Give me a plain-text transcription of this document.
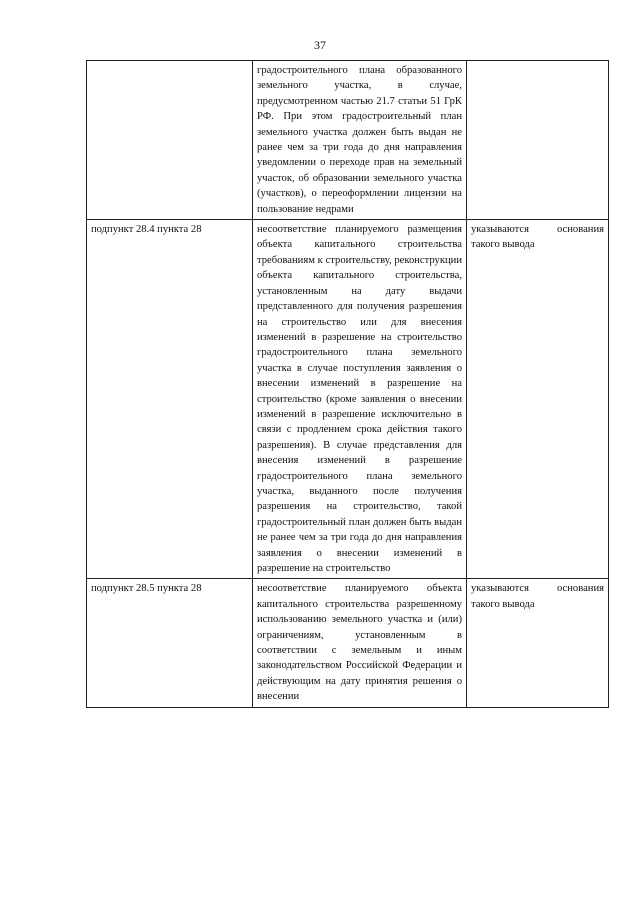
37
	градостроительного плана образованного земельного участка, в случае, предусмотренном частью 21.7 статьи 51 ГрК РФ. При этом градостроительный план земельного участка должен быть выдан не ранее чем за три года до дня направления уведомлении о переходе прав на земельный участок, об образовании земельного участка (участков), о переоформлении лицензии на пользование недрами	
подпункт 28.4 пункта 28	несоответствие планируемого размещения объекта капитального строительства требованиям к строительству, реконструкции объекта капитального строительства, установленным на дату выдачи представленного для получения разрешения на строительство или для внесения изменений в разрешение на строительство градостроительного плана земельного участка в случае поступления заявления о внесении изменений в разрешение на строительство (кроме заявления о внесении изменений в разрешение исключительно в связи с продлением срока действия такого разрешения). В случае представления для внесения изменений в разрешение градостроительного плана земельного участка, выданного после получения разрешения на строительство, такой градостроительный план должен быть выдан не ранее чем за три года до дня направления заявления о внесении изменений в разрешение на строительство	указываются основания такого вывода
подпункт 28.5 пункта 28	несоответствие планируемого объекта капитального строительства разрешенному использованию земельного участка и (или) ограничениям, установленным в соответствии с земельным и иным законодательством Российской Федерации и действующим на дату принятия решения о внесении	указываются основания такого вывода
